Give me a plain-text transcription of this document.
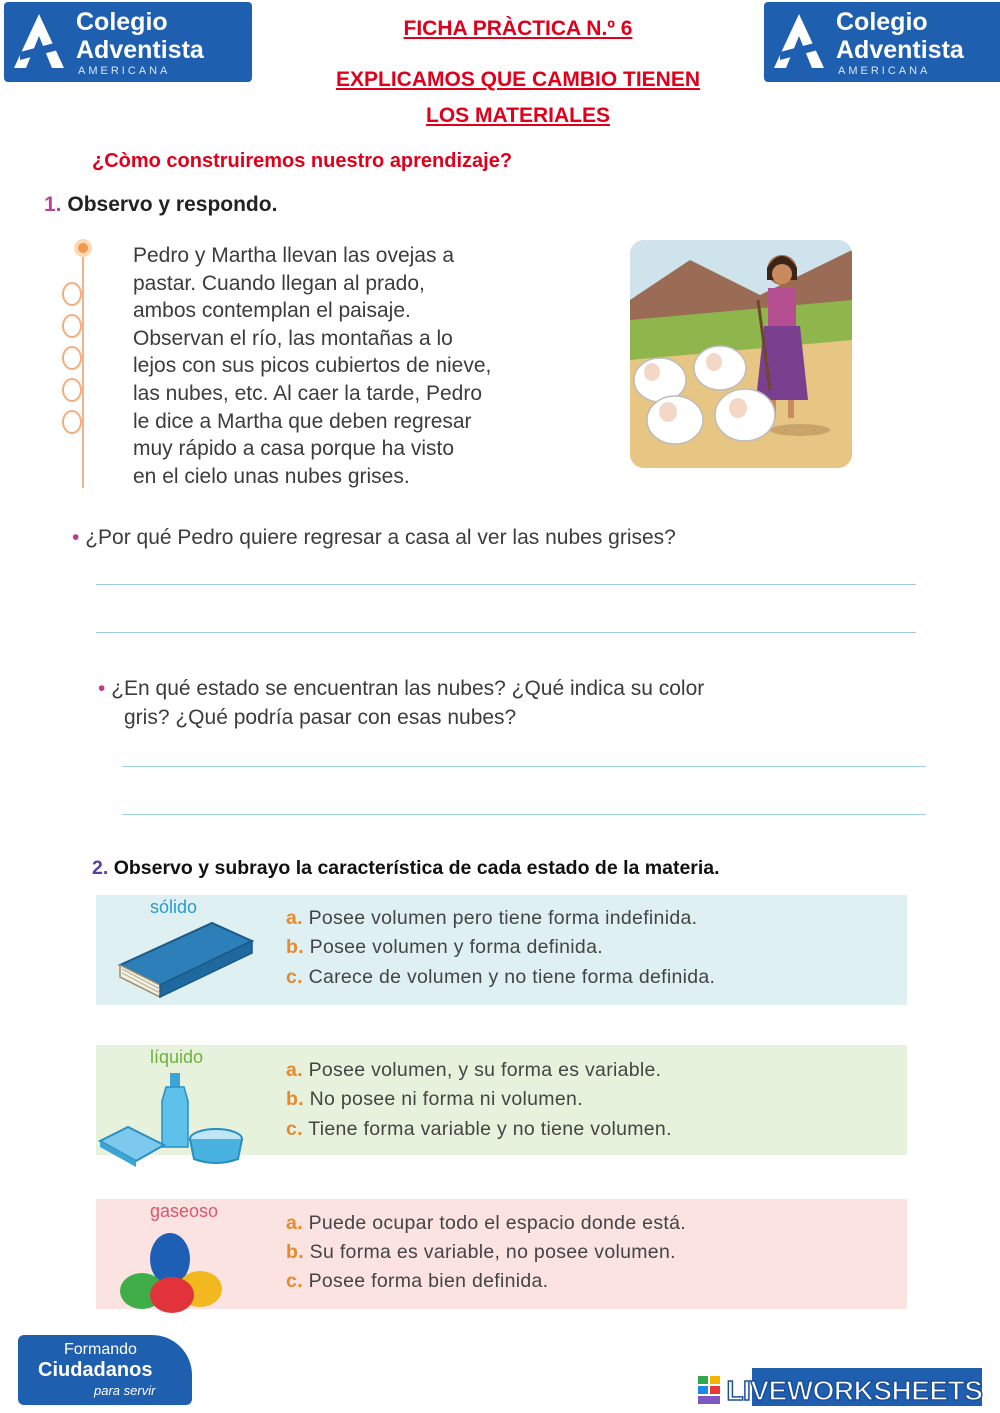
Colegio
Adventista
AMERICANA
Colegio
Adventista
AMERICANA
FICHA PRÀCTICA N.º 6
EXPLICAMOS QUE CAMBIO TIENEN
LOS MATERIALES
¿Còmo construiremos nuestro aprendizaje?
1. Observo y respondo.
Pedro y Martha llevan las ovejas a
pastar. Cuando llegan al prado,
ambos contemplan el paisaje.
Observan el río, las montañas a lo
lejos con sus picos cubiertos de nieve,
las nubes, etc. Al caer la tarde, Pedro
le dice a Martha que deben regresar
muy rápido a casa porque ha visto
en el cielo unas nubes grises.
• ¿Por qué Pedro quiere regresar a casa al ver las nubes grises?
• ¿En qué estado se encuentran las nubes? ¿Qué indica su color
gris? ¿Qué podría pasar con esas nubes?
2. Observo y subrayo la característica de cada estado de la materia.
sólido	a. Posee volumen pero tiene forma indefinida.
b. Posee volumen y forma definida.
c. Carece de volumen y no tiene forma definida.
líquido
a. Posee volumen, y su forma es variable.
b. No posee ni forma ni volumen.
c. Tiene forma variable y no tiene volumen.
gaseoso
a. Puede ocupar todo el espacio donde está.
b. Su forma es variable, no posee volumen.
c. Posee forma bien definida.
Formando
Ciudadanos
para servir	LIVEWORKSHEETS
